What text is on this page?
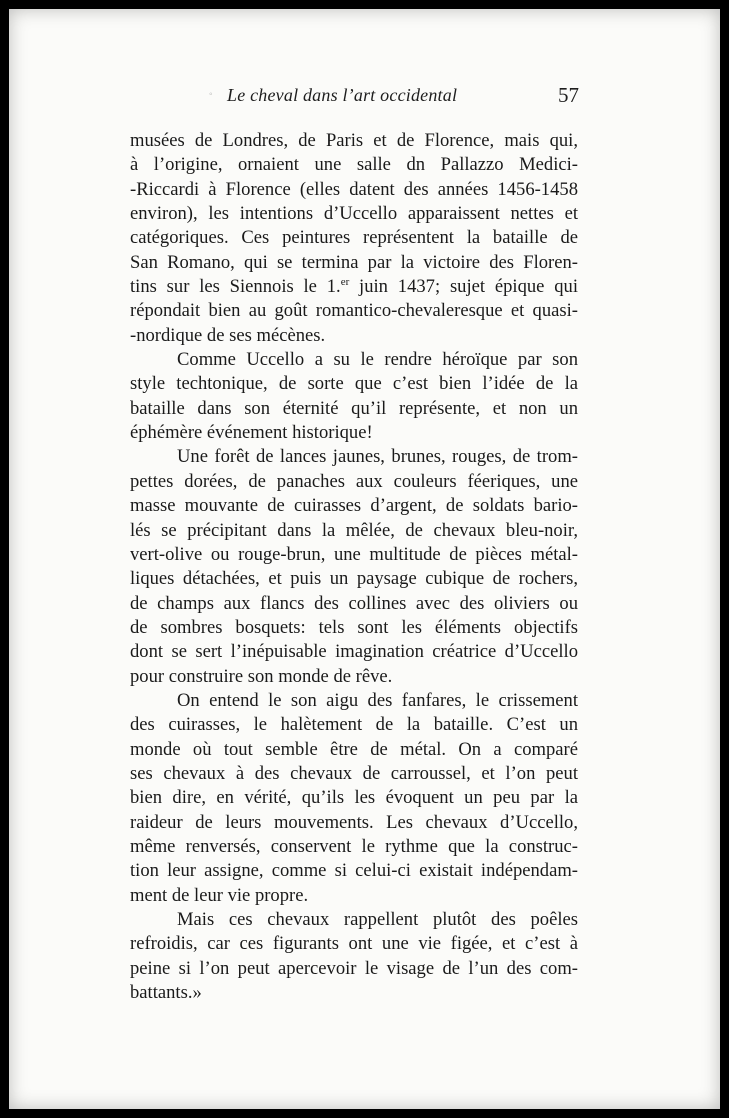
◦ Le cheval dans l’art occidental	57
musées de Londres, de Paris et de Florence, mais qui,
à l’origine, ornaient une salle dn Pallazzo Medici-
-Riccardi à Florence (elles datent des années 1456-1458
environ), les intentions d’Uccello apparaissent nettes et
catégoriques. Ces peintures représentent la bataille de
San Romano, qui se termina par la victoire des Floren-
tins sur les Siennois le 1.$^{er}$ juin 1437; sujet épique qui
répondait bien au goût romantico-chevaleresque et quasi-
-nordique de ses mécènes.
Comme Uccello a su le rendre héroïque par son
style techtonique, de sorte que c’est bien l’idée de la
bataille dans son éternité qu’il représente, et non un
éphémère événement historique!
Une forêt de lances jaunes, brunes, rouges, de trom-
pettes dorées, de panaches aux couleurs féeriques, une
masse mouvante de cuirasses d’argent, de soldats bario-
lés se précipitant dans la mêlée, de chevaux bleu-noir,
vert-olive ou rouge-brun, une multitude de pièces métal-
liques détachées, et puis un paysage cubique de rochers,
de champs aux flancs des collines avec des oliviers ou
de sombres bosquets: tels sont les éléments objectifs
dont se sert l’inépuisable imagination créatrice d’Uccello
pour construire son monde de rêve.
On entend le son aigu des fanfares, le crissement
des cuirasses, le halètement de la bataille. C’est un
monde où tout semble être de métal. On a comparé
ses chevaux à des chevaux de carroussel, et l’on peut
bien dire, en vérité, qu’ils les évoquent un peu par la
raideur de leurs mouvements. Les chevaux d’Uccello,
même renversés, conservent le rythme que la construc-
tion leur assigne, comme si celui-ci existait indépendam-
ment de leur vie propre.
Mais ces chevaux rappellent plutôt des poêles
refroidis, car ces figurants ont une vie figée, et c’est à
peine si l’on peut apercevoir le visage de l’un des com-
battants.»
